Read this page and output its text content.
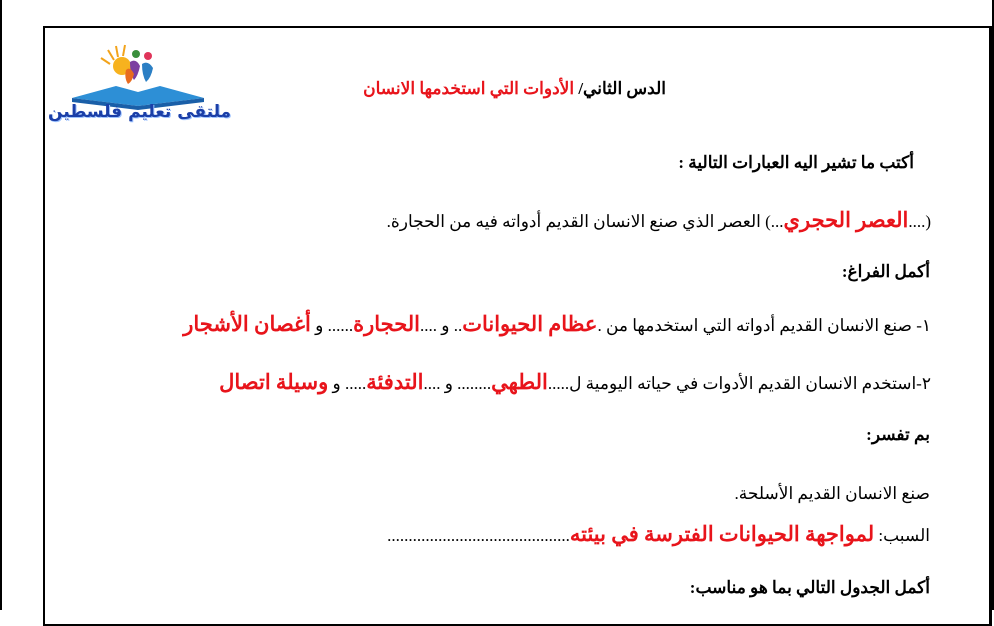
ملتقى تعليم فلسطين
الدس الثاني/ الأدوات التي استخدمها الانسان
أكتب ما تشير اليه العبارات التالية :
(....العصر الحجري...) العصر الذي صنع الانسان القديم أدواته فيه من الحجارة.
أكمل الفراغ:
١- صنع الانسان القديم أدواته التي استخدمها من .عظام الحيوانات.. و ....الحجارة...... و أغصان الأشجار
٢-استخدم الانسان القديم الأدوات في حياته اليومية ل.....الطهي........ و ....التدفئة..... و وسيلة اتصال
بم تفسر:
صنع الانسان القديم الأسلحة.
السبب: لمواجهة الحيوانات الفترسة في بيئته...........................................
أكمل الجدول التالي بما هو مناسب:
